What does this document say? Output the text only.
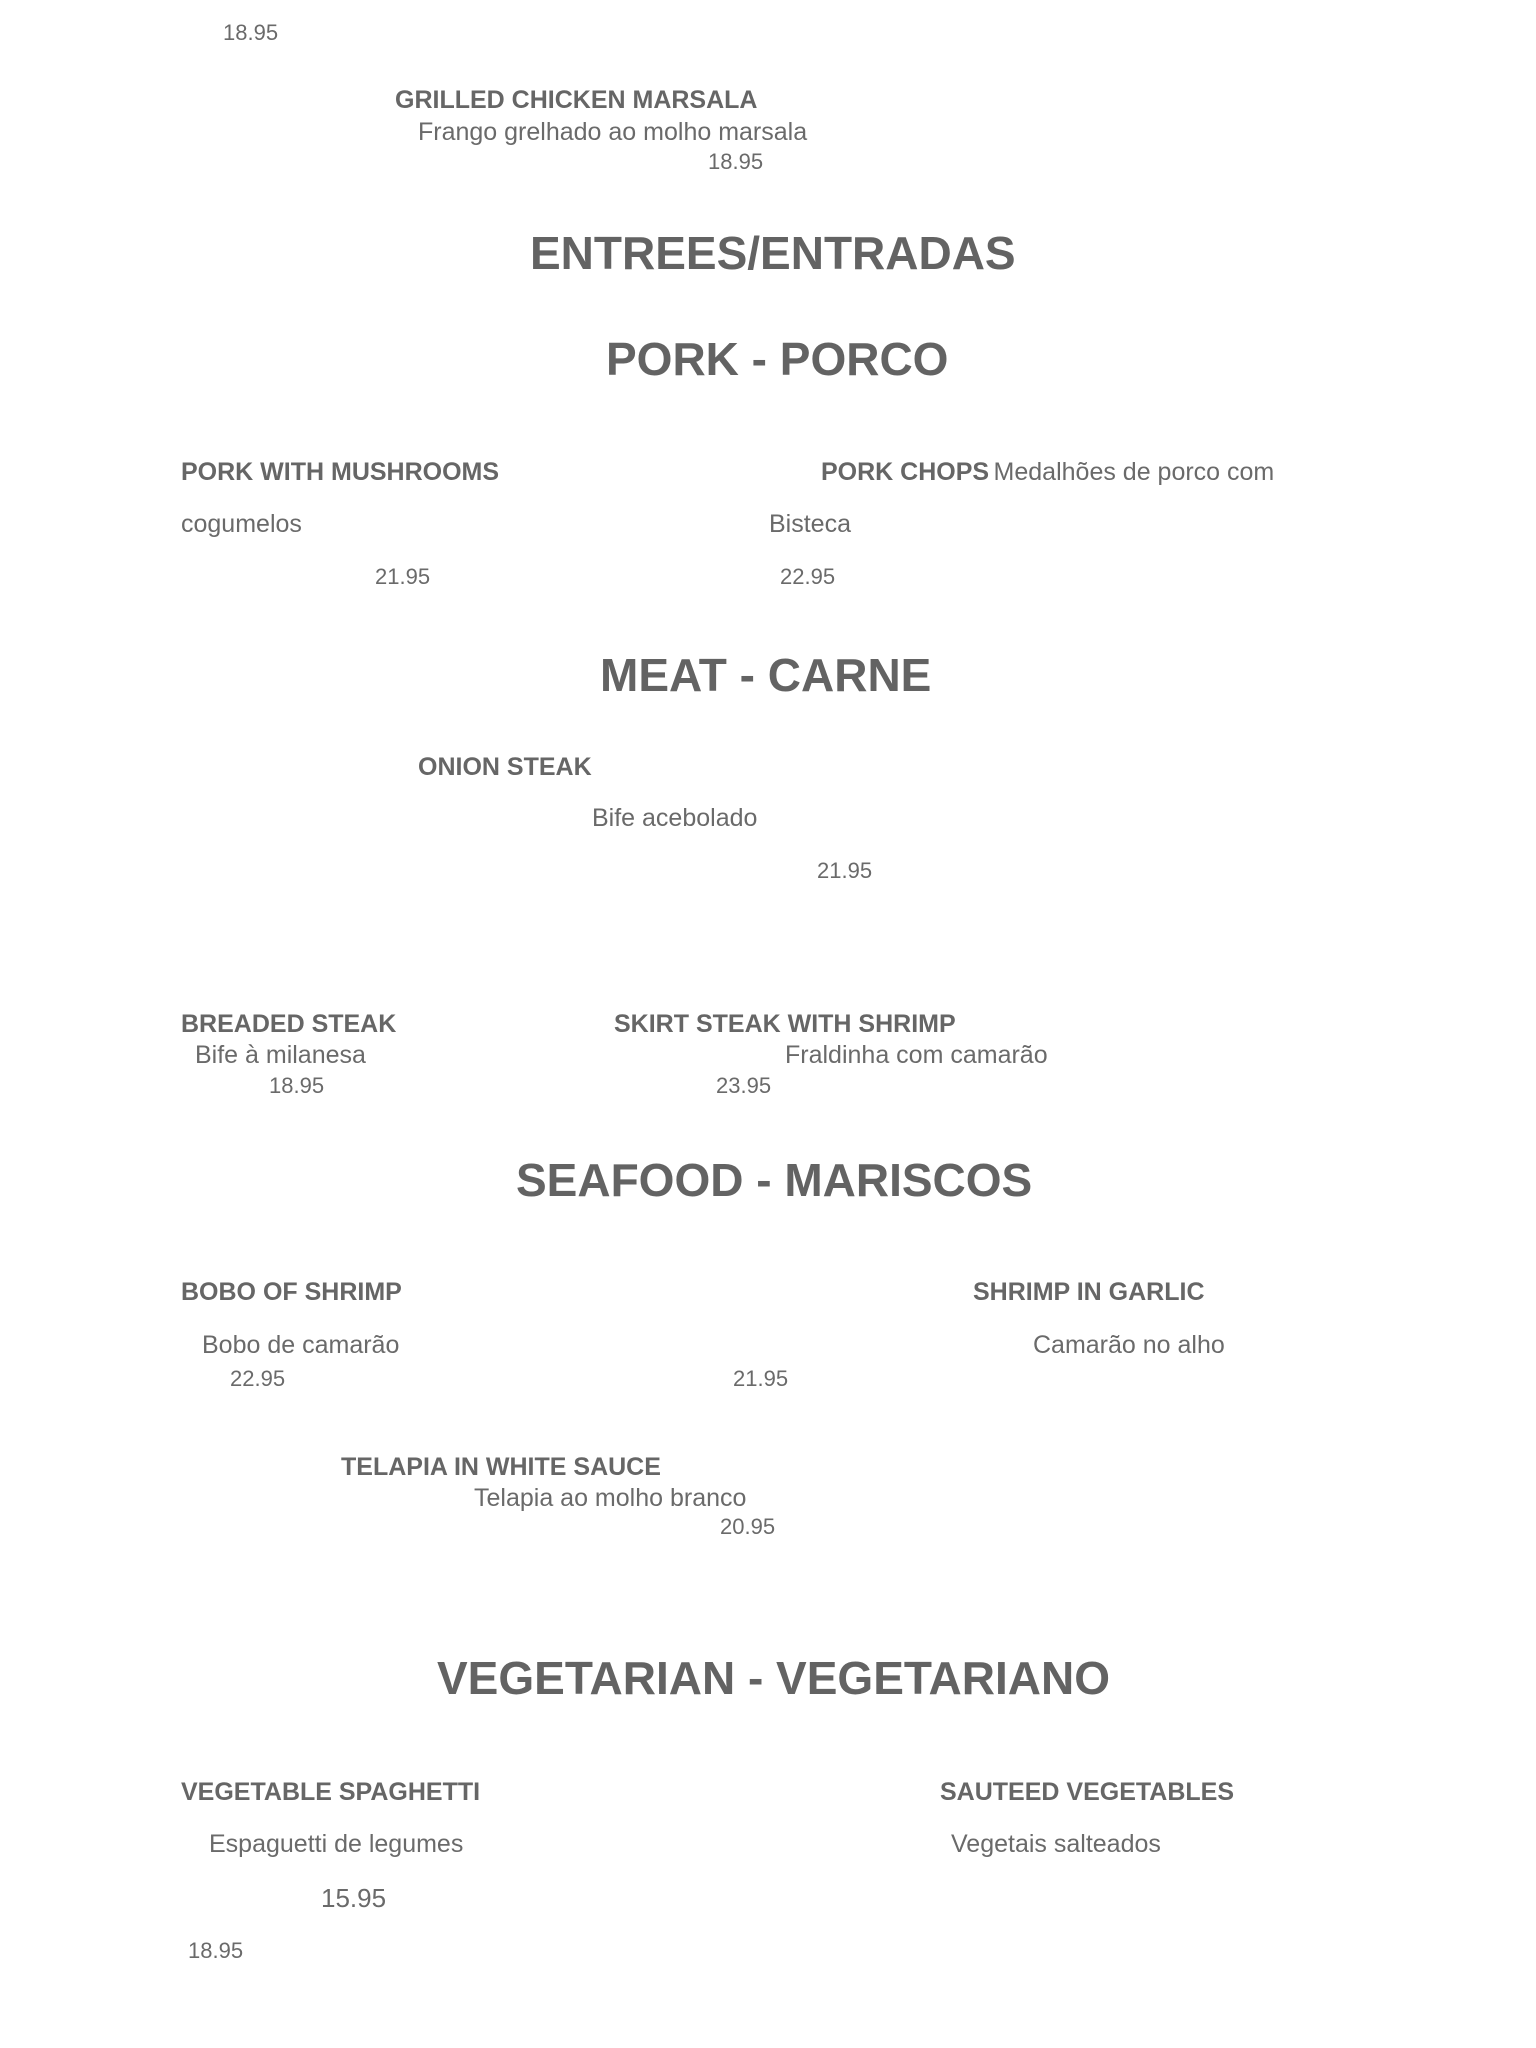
18.95
GRILLED CHICKEN MARSALA
Frango grelhado ao molho marsala
18.95
ENTREES/ENTRADAS
PORK - PORCO
PORK WITH MUSHROOMS
cogumelos
21.95
PORK CHOPS Medalhões de porco com
Bisteca
22.95
MEAT - CARNE
ONION STEAK
Bife acebolado
21.95
BREADED STEAK
Bife à milanesa
18.95
SKIRT STEAK WITH SHRIMP
Fraldinha com camarão
23.95
SEAFOOD - MARISCOS
BOBO OF SHRIMP
Bobo de camarão
22.95
SHRIMP IN GARLIC
Camarão no alho
21.95
TELAPIA IN WHITE SAUCE
Telapia ao molho branco
20.95
VEGETARIAN - VEGETARIANO
VEGETABLE SPAGHETTI
Espaguetti de legumes
15.95
SAUTEED VEGETABLES
Vegetais salteados
18.95
